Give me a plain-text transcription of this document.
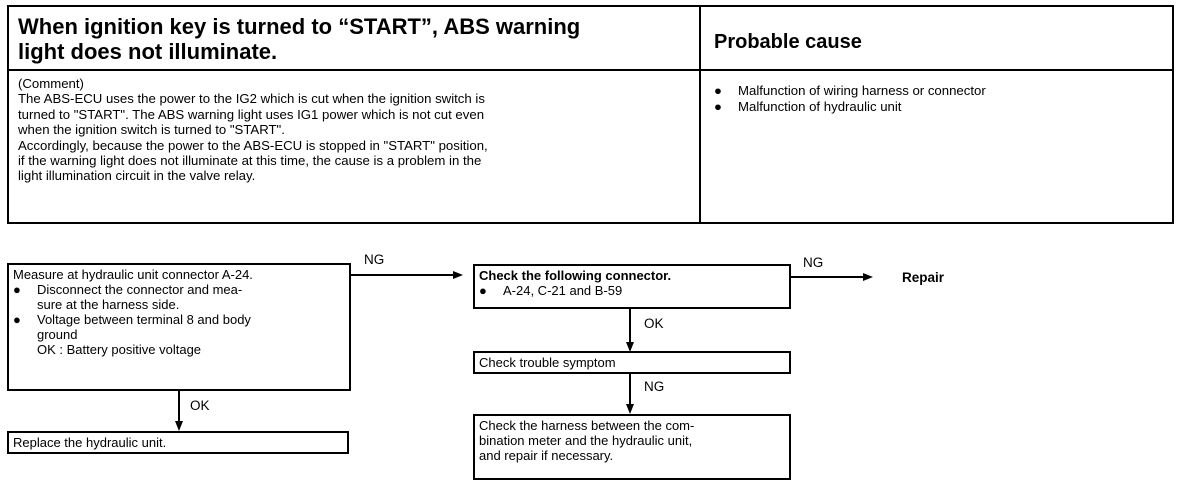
When ignition key is turned to “START”, ABS warning
light does not illuminate.	Probable cause
(Comment)
The ABS-ECU uses the power to the IG2 which is cut when the ignition switch is
turned to "START". The ABS warning light uses IG1 power which is not cut even
when the ignition switch is turned to "START".
Accordingly, because the power to the ABS-ECU is stopped in "START" position,
if the warning light does not illuminate at this time, the cause is a problem in the
light illumination circuit in the valve relay.
● Malfunction of wiring harness or connector
● Malfunction of hydraulic unit
Measure at hydraulic unit connector A-24.
● Disconnect the connector and mea-
sure at the harness side.
● Voltage between terminal 8 and body
ground
OK : Battery positive voltage
OK
Replace the hydraulic unit.
NG
Check the following connector.
● A-24, C-21 and B-59
NG
Repair
OK
Check trouble symptom
NG
Check the harness between the com-
bination meter and the hydraulic unit,
and repair if necessary.
